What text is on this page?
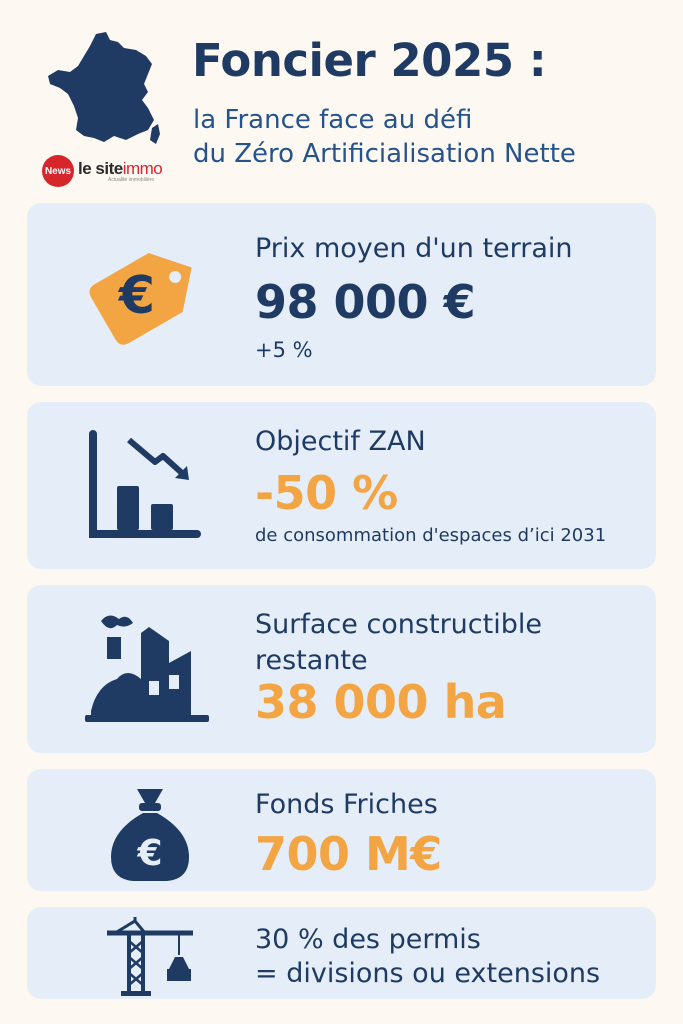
News le siteimmo
Actualité immobilière
Foncier 2025 :
la France face au défi
du Zéro Artificialisation Nette
€
Prix moyen d'un terrain
98 000 €
+5 %
Objectif ZAN
-50 %
de consommation d'espaces d’ici 2031
Surface constructible
restante
38 000 ha
€
Fonds Friches
700 M€
30 % des permis
= divisions ou extensions
